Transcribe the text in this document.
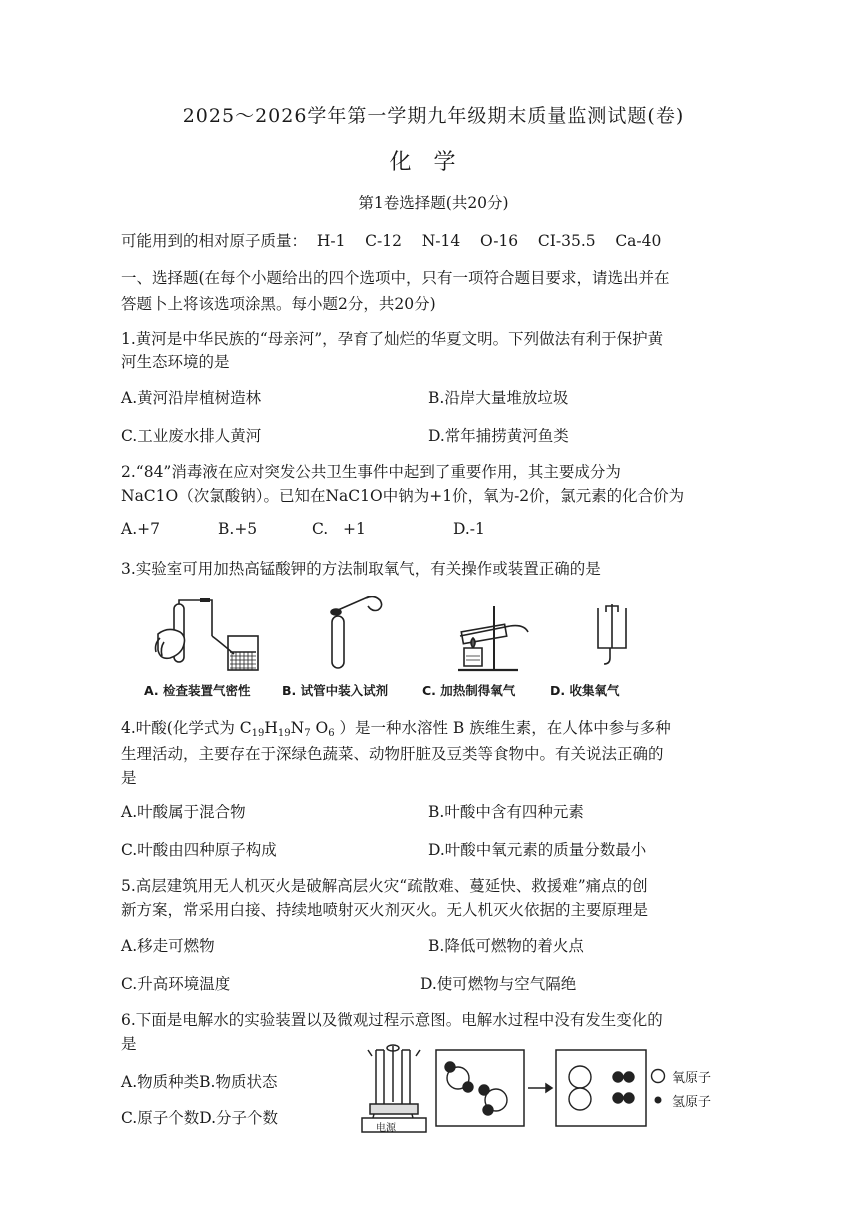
2025～2026学年第一学期九年级期末质量监测试题(卷)
化学
第1卷选择题(共20分)
可能用到的相对原子质量：  H-1    C-12    N-14    O-16    CI-35.5    Ca-40
一、选择题(在每个小题给出的四个选项中，只有一项符合题目要求，请选出并在
答题卜上将该选项涂黑。每小题2分，共20分)
1.黄河是中华民族的“母亲河”，孕育了灿烂的华夏文明。下列做法有利于保护黄
河生态环境的是
A.黄河沿岸植树造林	B.沿岸大量堆放垃圾
C.工业废水排人黄河	D.常年捕捞黄河鱼类
2.“84”消毒液在应对突发公共卫生事件中起到了重要作用，其主要成分为
NaC1O（次氯酸钠）。已知在NaC1O中钠为+1价，氧为-2价，氯元素的化合价为
A.+7	B.+5	C.   +1	D.-1
3.实验室可用加热高锰酸钾的方法制取氧气，有关操作或装置正确的是
A. 检查装置气密性	B. 试管中装入试剂	C. 加热制得氧气	D. 收集氧气
4.叶酸(化学式为 $C_{19}H_{19}N_7$ $O_6$ ）是一种水溶性 B 族维生素，在人体中参与多种
生理活动，主要存在于深绿色蔬菜、动物肝脏及豆类等食物中。有关说法正确的
是
A.叶酸属于混合物	B.叶酸中含有四种元素
C.叶酸由四种原子构成	D.叶酸中氧元素的质量分数最小
5.高层建筑用无人机灭火是破解高层火灾“疏散难、蔓延快、救援难”痛点的创
新方案，常采用白接、持续地喷射灭火剂灭火。无人机灭火依据的主要原理是
A.移走可燃物	B.降低可燃物的着火点
C.升高环境温度	D.使可燃物与空气隔绝
6.下面是电解水的实验装置以及微观过程示意图。电解水过程中没有发生变化的
是
A.物质种类B.物质状态
C.原子个数D.分子个数
电源
氧原子
氢原子
